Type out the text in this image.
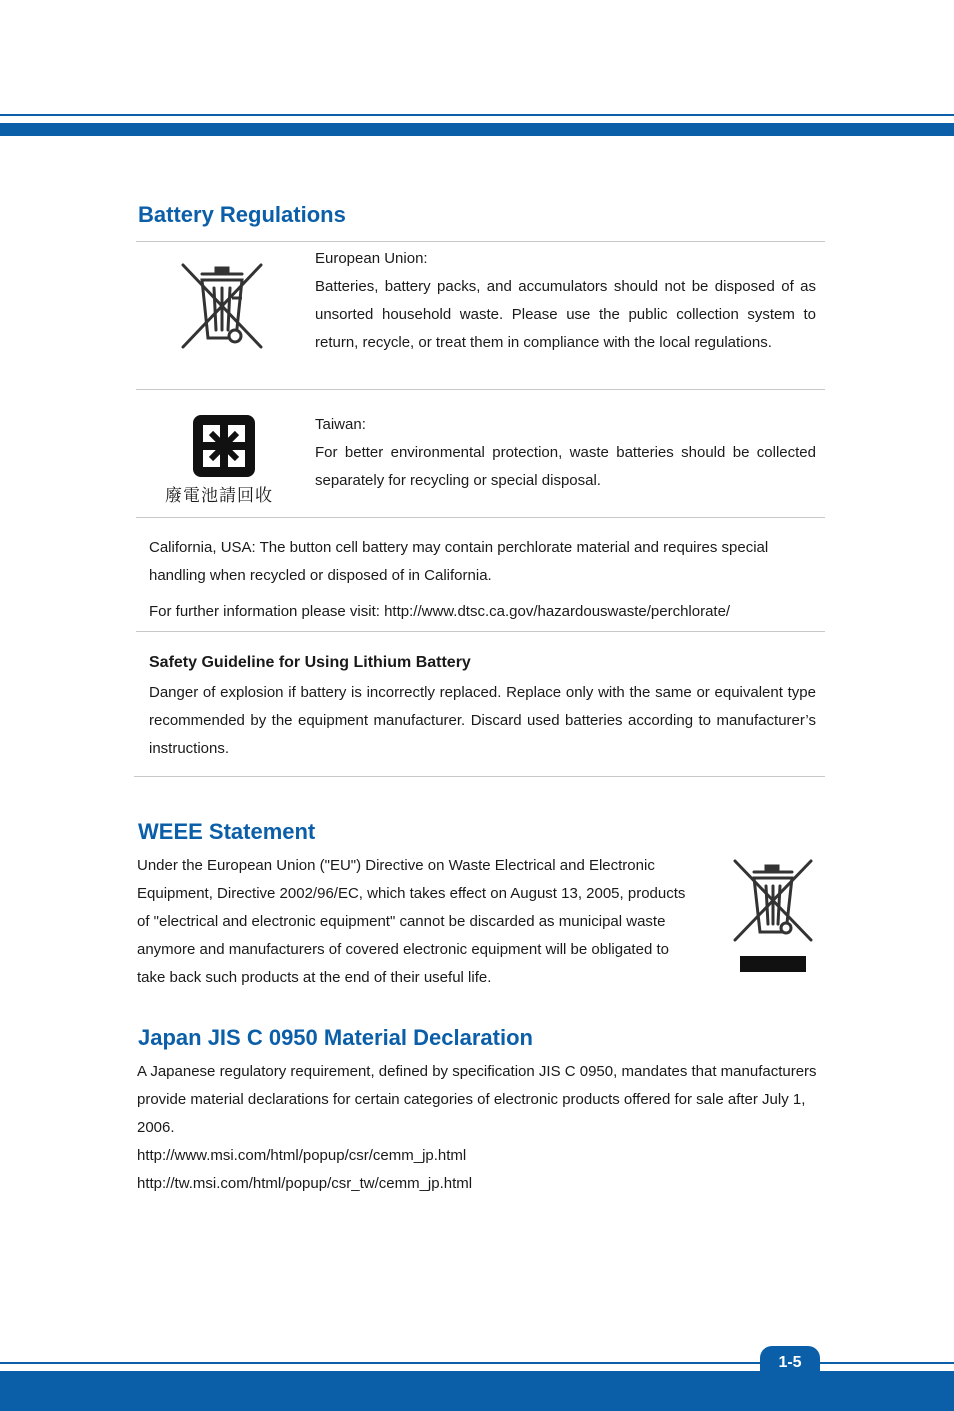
Battery Regulations

European Union:

Batteries, battery packs, and accumulators should not be disposed of as unsorted household waste. Please use the public collection system to return, recycle, or treat them in compliance with the local regulations.

廢電池請回收

Taiwan:

For better environmental protection, waste batteries should be collected separately for recycling or special disposal.

California, USA: The button cell battery may contain perchlorate material and requires special handling when recycled or disposed of in California.

For further information please visit: http://www.dtsc.ca.gov/hazardouswaste/perchlorate/

Safety Guideline for Using Lithium Battery

Danger of explosion if battery is incorrectly replaced. Replace only with the same or equivalent type recommended by the equipment manufacturer. Discard used batteries according to manufacturer’s instructions.

WEEE Statement

Under the European Union ("EU") Directive on Waste Electrical and Electronic Equipment, Directive 2002/96/EC, which takes effect on August 13, 2005, products of "electrical and electronic equipment" cannot be discarded as municipal waste anymore and manufacturers of covered electronic equipment will be obligated to take back such products at the end of their useful life.

Japan JIS C 0950 Material Declaration

A Japanese regulatory requirement, defined by specification JIS C 0950, mandates that manufacturers provide material declarations for certain categories of electronic products offered for sale after July 1, 2006.

http://www.msi.com/html/popup/csr/cemm_jp.html

http://tw.msi.com/html/popup/csr_tw/cemm_jp.html

1-5
